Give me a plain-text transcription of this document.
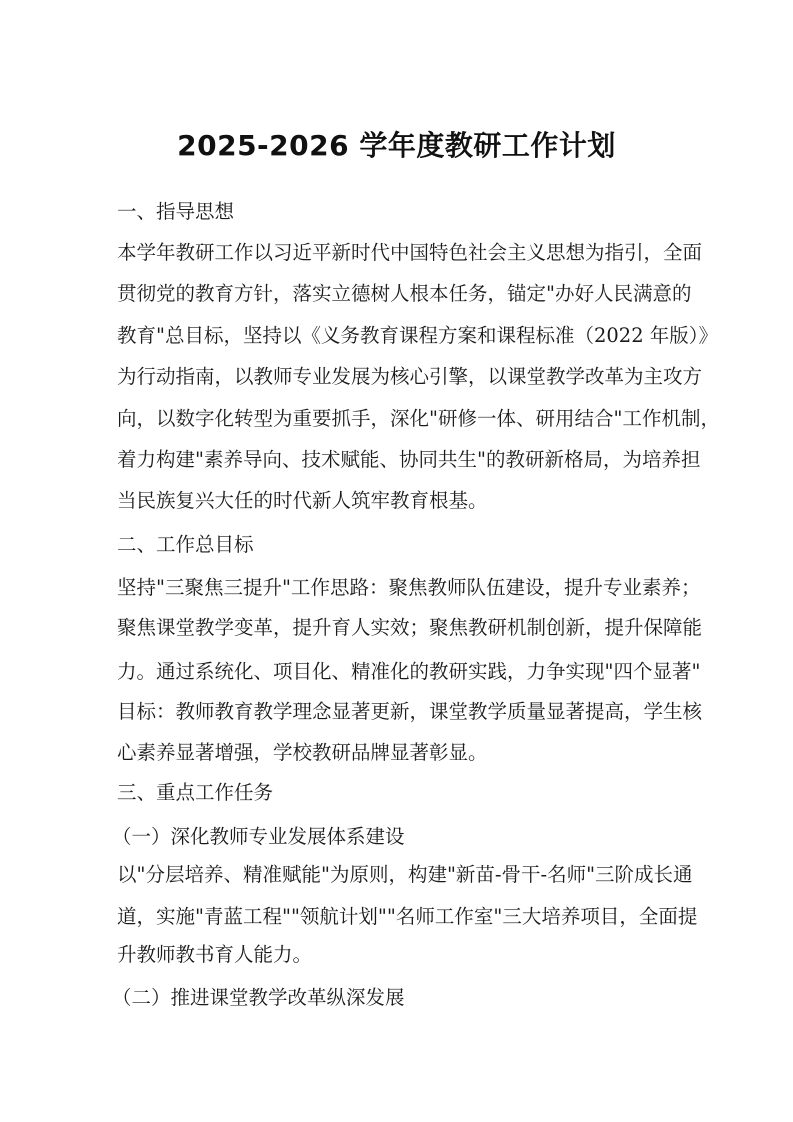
2025-2026 学年度教研工作计划
一、指导思想
本学年教研工作以习近平新时代中国特色社会主义思想为指引，全面
贯彻党的教育方针，落实立德树人根本任务，锚定"办好人民满意的
教育"总目标，坚持以《义务教育课程方案和课程标准（2022 年版）》
为行动指南，以教师专业发展为核心引擎，以课堂教学改革为主攻方
向，以数字化转型为重要抓手，深化"研修一体、研用结合"工作机制，
着力构建"素养导向、技术赋能、协同共生"的教研新格局，为培养担
当民族复兴大任的时代新人筑牢教育根基。
二、工作总目标
坚持"三聚焦三提升"工作思路：聚焦教师队伍建设，提升专业素养；
聚焦课堂教学变革，提升育人实效；聚焦教研机制创新，提升保障能
力。通过系统化、项目化、精准化的教研实践，力争实现"四个显著"
目标：教师教育教学理念显著更新，课堂教学质量显著提高，学生核
心素养显著增强，学校教研品牌显著彰显。
三、重点工作任务
（一）深化教师专业发展体系建设
以"分层培养、精准赋能"为原则，构建"新苗-骨干-名师"三阶成长通
道，实施"青蓝工程""领航计划""名师工作室"三大培养项目，全面提
升教师教书育人能力。
（二）推进课堂教学改革纵深发展
